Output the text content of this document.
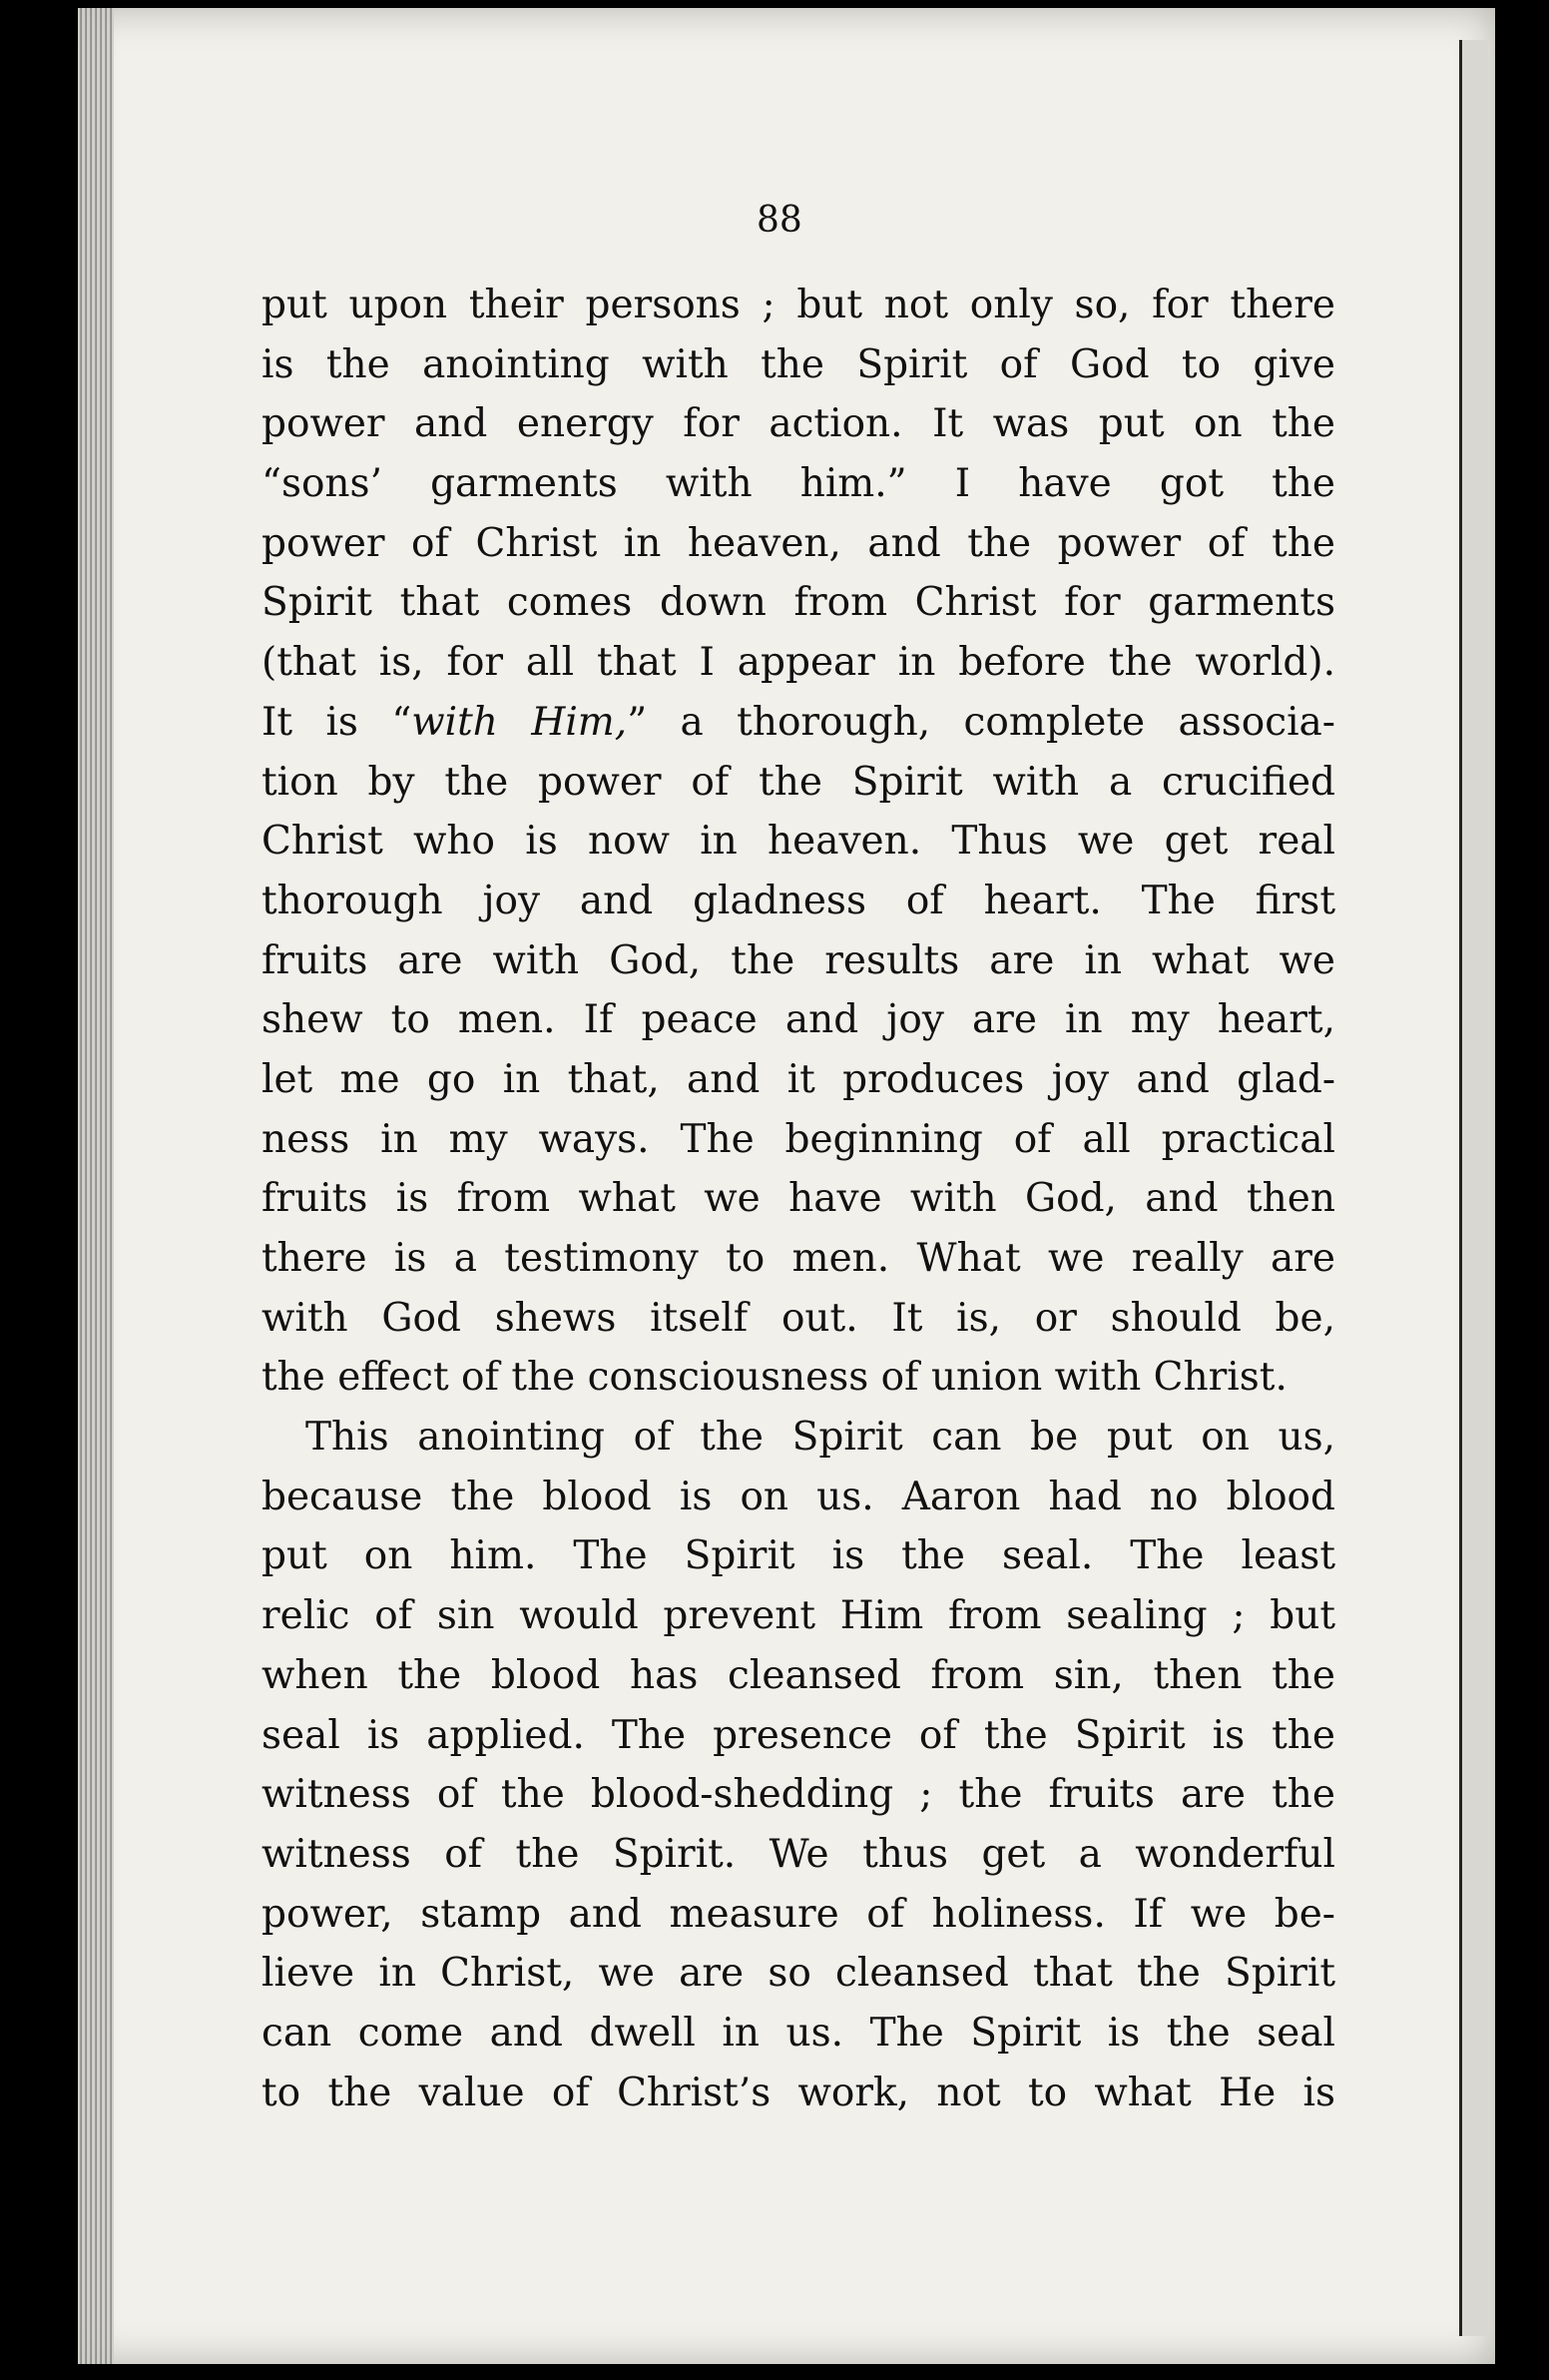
88

put upon their persons ; but not only so, for there
is the anointing with the Spirit of God to give
power and energy for action. It was put on the
“sons’ garments with him.” I have got the
power of Christ in heaven, and the power of the
Spirit that comes down from Christ for garments
(that is, for all that I appear in before the world).
It is “with Him,” a thorough, complete associa-
tion by the power of the Spirit with a crucified
Christ who is now in heaven. Thus we get real
thorough joy and gladness of heart. The first
fruits are with God, the results are in what we
shew to men. If peace and joy are in my heart,
let me go in that, and it produces joy and glad-
ness in my ways. The beginning of all practical
fruits is from what we have with God, and then
there is a testimony to men. What we really are
with God shews itself out. It is, or should be,
the effect of the consciousness of union with Christ.
This anointing of the Spirit can be put on us,
because the blood is on us. Aaron had no blood
put on him. The Spirit is the seal. The least
relic of sin would prevent Him from sealing ; but
when the blood has cleansed from sin, then the
seal is applied. The presence of the Spirit is the
witness of the blood-shedding ; the fruits are the
witness of the Spirit. We thus get a wonderful
power, stamp and measure of holiness. If we be-
lieve in Christ, we are so cleansed that the Spirit
can come and dwell in us. The Spirit is the seal
to the value of Christ’s work, not to what He is
